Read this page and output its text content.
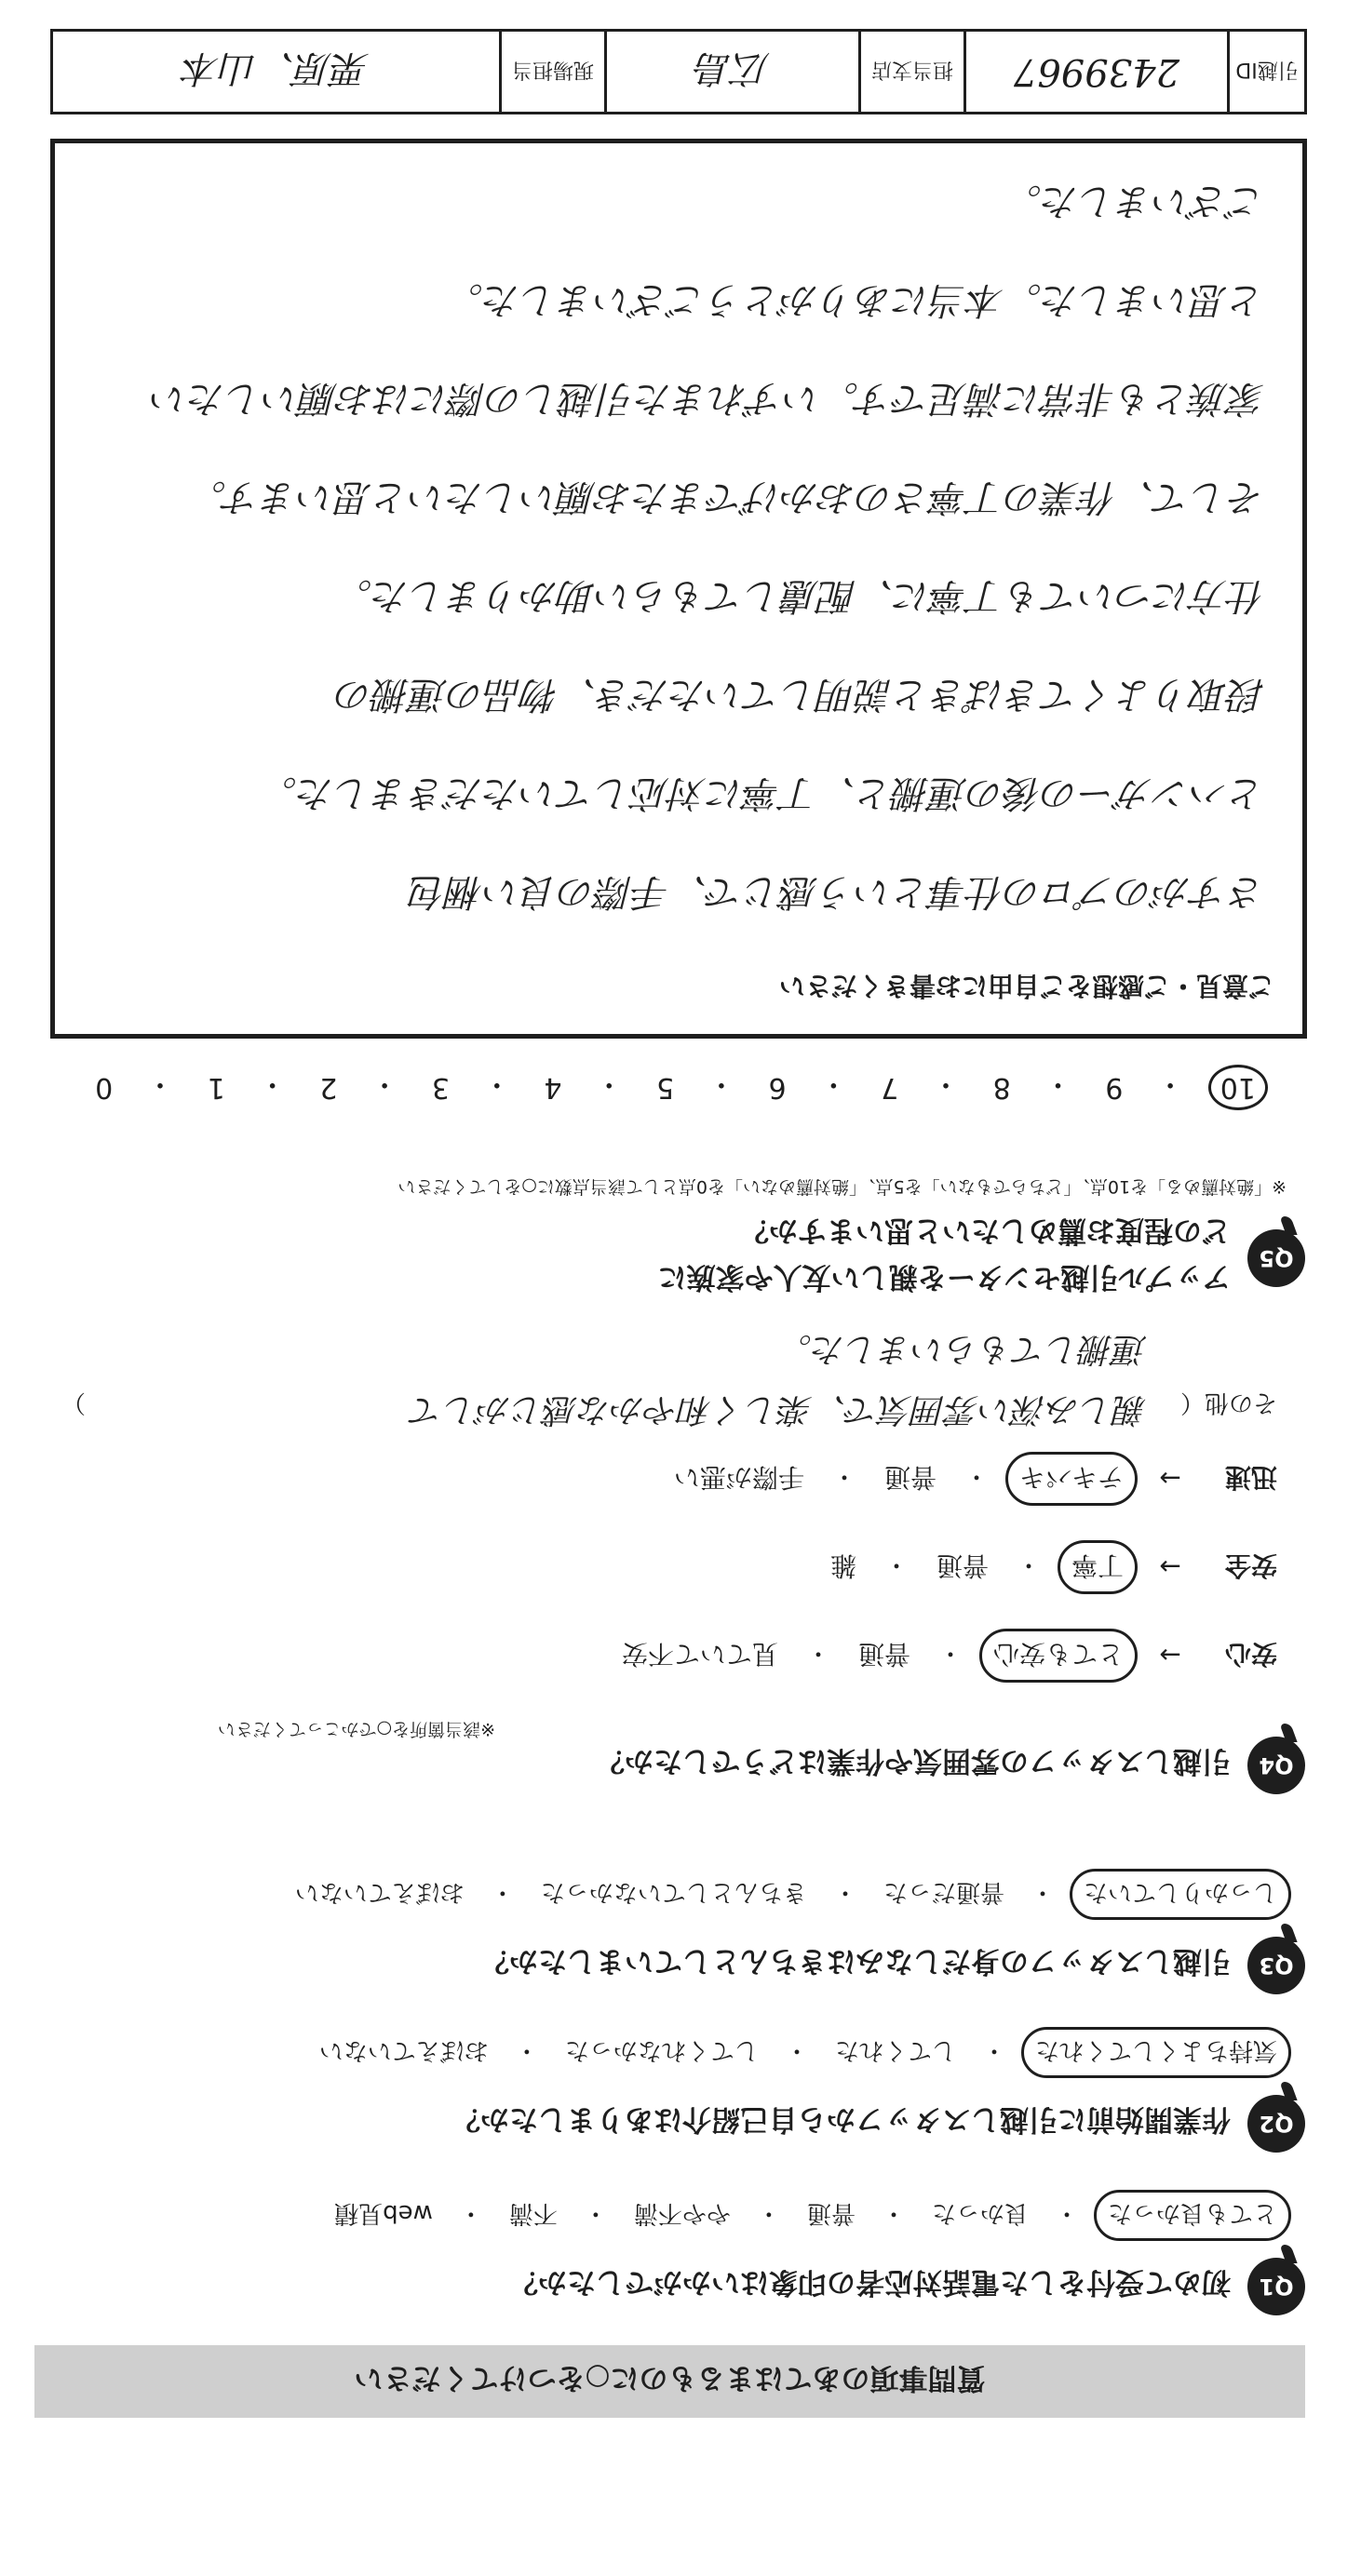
質問事項のあてはまるものに○をつけてください
Q1
初めて受付をした電話対応者の印象はいかがでしたか？
とても良かった
・
良かった
・
普通
・
やや不満
・
不満
・
web見積
Q2
作業開始前に引越しスタッフから自己紹介はありましたか？
気持ちよくしてくれた
・
してくれた
・
してくれなかった
・
おぼえていない
Q3
引越しスタッフの身だしなみはきちんとしていましたか？
しっかりしていた
・
普通だった
・
きちんとしていなかった
・
おぼえていない
Q4
引越しスタッフの雰囲気や作業はどうでしたか？
※該当箇所を○でかこってください
安心
→
とても安心
・
普通
・
見ていて不安
安全
→
丁寧
・
普通
・
雑
迅速
→
テキパキ
・
普通
・
手際が悪い
その他（
親しみ深い雰囲気で、楽しく和やかな感じがして
）
運搬してもらいました。
Q5
アップル引越センターを親しい友人や家族に
どの程度お薦めしたいと思いますか？
※「絶対薦める」を10点、「どちらでもない」を5点、「絶対薦めない」を0点として該当点数に○をしてください
10
・
9
・
8
・
7
・
6
・
5
・
4
・
3
・
2
・
1
・
0
ご意見・ご感想をご自由にお書きください
さすがのプロの仕事という感じで、手際の良い梱包
とハンガーの後の運搬と、丁寧に対応していただきました。
段取りよくてきぱきと説明していただき、物品の運搬の
仕方についても丁寧に、配慮してもらい助かりました。
そして、作業の丁寧さのおかげでまたお願いしたいと思います。
家族とも非常に満足です。いずれまた引越しの際にはお願いしたい
と思いました。本当にありがとうございました。
ございました。
引越ID
2439967
担当支店
広島
現場担当
栗原、山本
